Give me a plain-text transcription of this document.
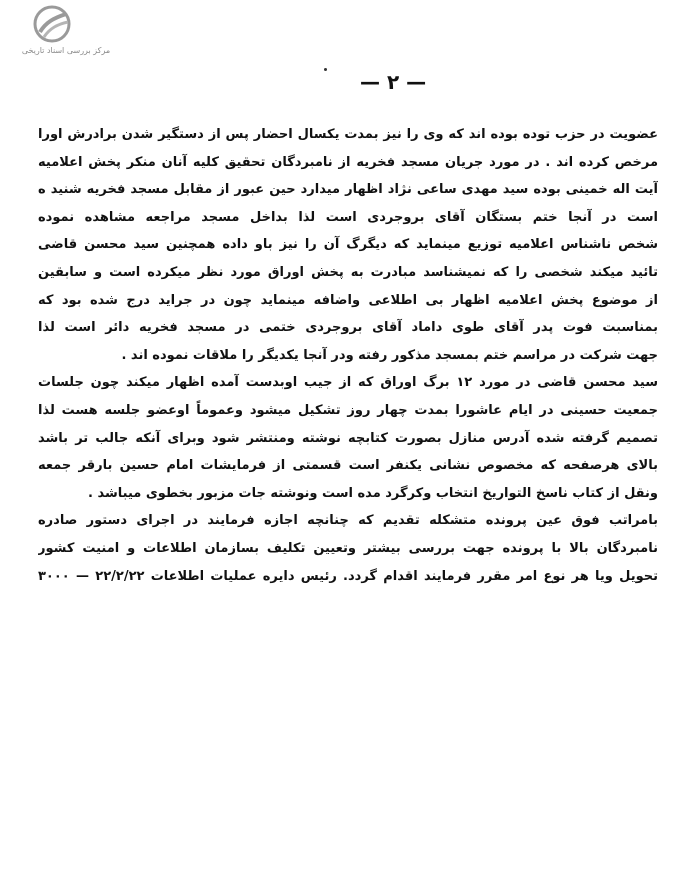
مرکز بررسی اسناد تاریخی
— ۲ —
عضویت در حزب توده بوده اند که وی را نیز بمدت یکسال احضار پس از دستگیر شدن برادرش اورا
مرخص کرده اند . در مورد جریان مسجد فخریه از نامبردگان تحقیق کلیه آنان منکر پخش اعلامیه
آیت اله خمینی بوده سید مهدی ساعی نژاد اظهار میدارد حین عبور از مقابل مسجد فخریه شنید ه
است در آنجا ختم بستگان آقای بروجردی است لذا بداخل مسجد مراجعه مشاهده نموده
شخص ناشناس اعلامیه توزیع مینماید که دیگرگ آن را نیز باو داده همچنین سید محسن قاضی
تائید میکند شخصی را که نمیشناسد مبادرت به پخش اوراق مورد نظر میکرده است و سابقین
از موضوع پخش اعلامیه اظهار بی اطلاعی واضافه مینماید چون در جراید درج شده بود که
بمناسبت فوت پدر آقای طوی داماد آقای بروجردی ختمی در مسجد فخریه دائر است لذا
جهت شرکت در مراسم ختم بمسجد مذکور رفته ودر آنجا یکدیگر را ملاقات نموده اند .
سید محسن قاضی در مورد ۱۲ برگ اوراق که از جیب اوبدست آمده اظهار میکند چون جلسات
جمعیت حسینی در ایام عاشورا بمدت چهار روز تشکیل میشود وعموماً اوعضو جلسه هست لذا
تصمیم گرفته شده آدرس منازل بصورت کتابچه نوشته ومنتشر شود وبرای آنکه جالب تر باشد
بالای هرصفحه که مخصوص نشانی یکنفر است قسمتی از فرمایشات امام حسین بارقر جمعه
ونقل از کتاب ناسخ التواریخ انتخاب وکرگرد مده است ونوشته جات مزبور بخطوی میباشد .
بامراتب فوق عین پرونده متشکله تقدیم که چنانچه اجازه فرمایند در اجرای دستور صادره
نامبردگان بالا با پرونده جهت بررسی بیشتر وتعیین تکلیف بسازمان اطلاعات و امنیت کشور
تحویل ویا هر نوع امر مقرر فرمایند اقدام گردد. رئیس دایره عملیات اطلاعات ۲۲/۲/۲۲ — ۳۰۰۰
